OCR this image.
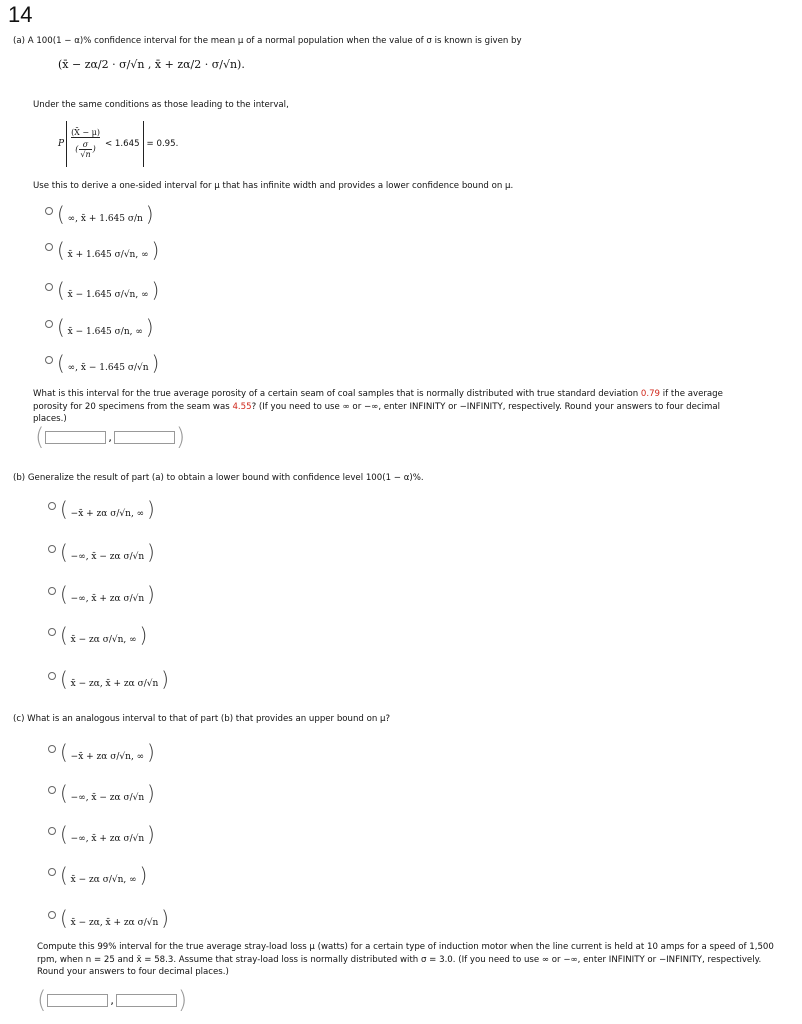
14
(a) A 100(1 − α)% confidence interval for the mean μ of a normal population when the value of σ is known is given by
(x̄ − zα/2 · σ/√n , x̄ + zα/2 · σ/√n).
Under the same conditions as those leading to the interval,
P $\frac{(X̄ - \mu)}{( \frac{\sigma}{√n} )} < 1.645 = 0.95$.
Use this to derive a one-sided interval for μ that has infinite width and provides a lower confidence bound on μ.
( ∞, x̄ + 1.645 σ/n )
( x̄ + 1.645 σ/√n, ∞ )
( x̄ − 1.645 σ/√n, ∞ )
( x̄ − 1.645 σ/n, ∞ )
( ∞, x̄ − 1.645 σ/√n )
What is this interval for the true average porosity of a certain seam of coal samples that is normally distributed with true standard deviation 0.79 if the average porosity for 20 specimens from the seam was 4.55? (If you need to use ∞ or −∞, enter INFINITY or −INFINITY, respectively. Round your answers to four decimal places.)
(	,	)
(b) Generalize the result of part (a) to obtain a lower bound with confidence level 100(1 − α)%.
( −x̄ + zα σ/√n, ∞ )
( −∞, x̄ − zα σ/√n )
( −∞, x̄ + zα σ/√n )
( x̄ − zα σ/√n, ∞ )
( x̄ − zα, x̄ + zα σ/√n )
(c) What is an analogous interval to that of part (b) that provides an upper bound on μ?
( −x̄ + zα σ/√n, ∞ )
( −∞, x̄ − zα σ/√n )
( −∞, x̄ + zα σ/√n )
( x̄ − zα σ/√n, ∞ )
( x̄ − zα, x̄ + zα σ/√n )
Compute this 99% interval for the true average stray-load loss μ (watts) for a certain type of induction motor when the line current is held at 10 amps for a speed of 1,500 rpm, when n = 25 and x̄ = 58.3. Assume that stray-load loss is normally distributed with σ = 3.0. (If you need to use ∞ or −∞, enter INFINITY or −INFINITY, respectively. Round your answers to four decimal places.)
(	,	)
